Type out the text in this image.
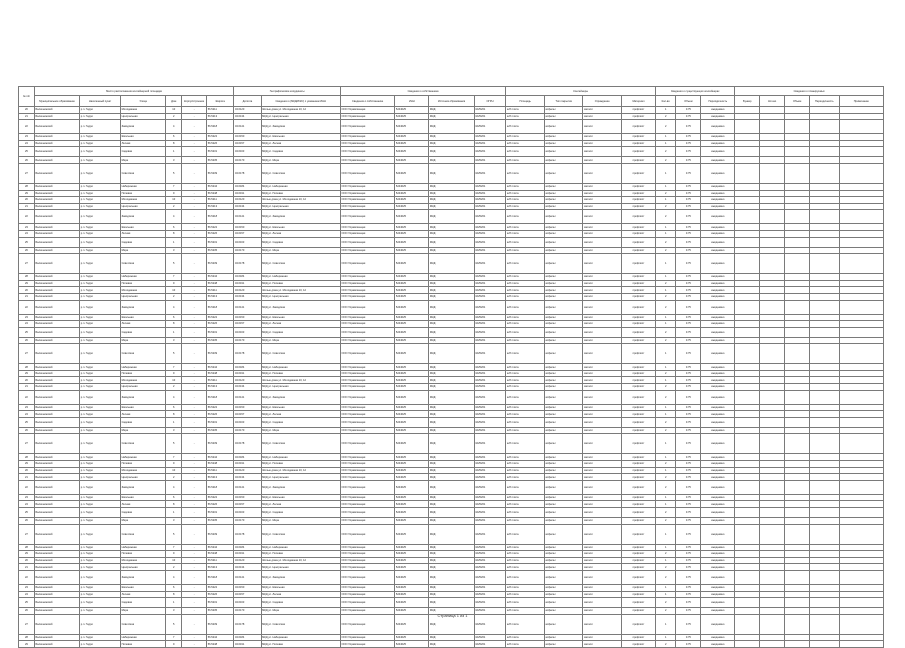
№ п/п	Место расположения контейнерной площадки						Географические координаты		Сведения о собственнике				Контейнеры				Сведения о существующих контейнерах			Сведения о планируемых				
	Муниципальное образование	Населенный пункт	Улица	Дом	Корпус/строение	Широта	Долгота	Сведения о (МКД/ИЖС) с указанием ИНН	Сведения о собственнике	ИНН	Источник образования	ОГРН	Площадь	Тип покрытия	Ограждение	Материал	Кол-во	Объем	Периодичность	Бункер	Кол-во	Объем	Периодичность	Примечание
20	Балахнинский	р.п. Гидро	Молодежная	10	-	56.5211	43.6120	Жилые дома ул. Молодежная 10, 12	ООО Управляющая	5244025	МКД	1025201	ж/б плита	асфальт	металл	профлист	1	0.75	ежедневно					
21	Балахнинский	р.п. Гидро	Центральная	2	-	56.5213	43.6134	МКД ул. Центральная	ООО Управляющая	5244025	МКД	1025201	ж/б плита	асфальт	металл	профлист	2	0.75	ежедневно					
22	Балахнинский	р.п. Гидро	Заводская	4	-	56.5218	43.6141	МКД ул. Заводская	ООО Управляющая	5244025	МКД	1025201	ж/б плита	асфальт	металл	профлист	2	0.75	ежедневно					
23	Балахнинский	р.п. Гидро	Школьная	6	-	56.5222	43.6150	МКД ул. Школьная	ООО Управляющая	5244025	МКД	1025201	ж/б плита	асфальт	металл	профлист	1	0.75	ежедневно					
24	Балахнинский	р.п. Гидро	Лесная	8	-	56.5226	43.6157	МКД ул. Лесная	ООО Управляющая	5244025	МКД	1025201	ж/б плита	асфальт	металл	профлист	1	0.75	ежедневно					
25	Балахнинский	р.п. Гидро	Садовая	1	-	56.5231	43.6163	МКД ул. Садовая	ООО Управляющая	5244025	МКД	1025201	ж/б плита	асфальт	металл	профлист	2	0.75	ежедневно					
26	Балахнинский	р.п. Гидро	Мира	3	-	56.5235	43.6170	МКД ул. Мира	ООО Управляющая	5244025	МКД	1025201	ж/б плита	асфальт	металл	профлист	2	0.75	ежедневно					
27	Балахнинский	р.п. Гидро	Советская	5	-	56.5239	43.6178	МКД ул. Советская	ООО Управляющая	5244025	МКД	1025201	ж/б плита	асфальт	металл	профлист	1	0.75	ежедневно					
28	Балахнинский	р.п. Гидро	Набережная	7	-	56.5244	43.6184	МКД ул. Набережная	ООО Управляющая	5244025	МКД	1025201	ж/б плита	асфальт	металл	профлист	1	0.75	ежедневно					
29	Балахнинский	р.п. Гидро	Полевая	9	-	56.5248	43.6191	МКД ул. Полевая	ООО Управляющая	5244025	МКД	1025201	ж/б плита	асфальт	металл	профлист	2	0.75	ежедневно					
20	Балахнинский	р.п. Гидро	Молодежная	10	-	56.5211	43.6120	Жилые дома ул. Молодежная 10, 12	ООО Управляющая	5244025	МКД	1025201	ж/б плита	асфальт	металл	профлист	1	0.75	ежедневно					
21	Балахнинский	р.п. Гидро	Центральная	2	-	56.5213	43.6134	МКД ул. Центральная	ООО Управляющая	5244025	МКД	1025201	ж/б плита	асфальт	металл	профлист	2	0.75	ежедневно					
22	Балахнинский	р.п. Гидро	Заводская	4	-	56.5218	43.6141	МКД ул. Заводская	ООО Управляющая	5244025	МКД	1025201	ж/б плита	асфальт	металл	профлист	2	0.75	ежедневно					
23	Балахнинский	р.п. Гидро	Школьная	6	-	56.5222	43.6150	МКД ул. Школьная	ООО Управляющая	5244025	МКД	1025201	ж/б плита	асфальт	металл	профлист	1	0.75	ежедневно					
24	Балахнинский	р.п. Гидро	Лесная	8	-	56.5226	43.6157	МКД ул. Лесная	ООО Управляющая	5244025	МКД	1025201	ж/б плита	асфальт	металл	профлист	1	0.75	ежедневно					
25	Балахнинский	р.п. Гидро	Садовая	1	-	56.5231	43.6163	МКД ул. Садовая	ООО Управляющая	5244025	МКД	1025201	ж/б плита	асфальт	металл	профлист	2	0.75	ежедневно					
26	Балахнинский	р.п. Гидро	Мира	3	-	56.5235	43.6170	МКД ул. Мира	ООО Управляющая	5244025	МКД	1025201	ж/б плита	асфальт	металл	профлист	2	0.75	ежедневно					
27	Балахнинский	р.п. Гидро	Советская	5	-	56.5239	43.6178	МКД ул. Советская	ООО Управляющая	5244025	МКД	1025201	ж/б плита	асфальт	металл	профлист	1	0.75	ежедневно					
28	Балахнинский	р.п. Гидро	Набережная	7	-	56.5244	43.6184	МКД ул. Набережная	ООО Управляющая	5244025	МКД	1025201	ж/б плита	асфальт	металл	профлист	1	0.75	ежедневно					
29	Балахнинский	р.п. Гидро	Полевая	9	-	56.5248	43.6191	МКД ул. Полевая	ООО Управляющая	5244025	МКД	1025201	ж/б плита	асфальт	металл	профлист	2	0.75	ежедневно					
20	Балахнинский	р.п. Гидро	Молодежная	10	-	56.5211	43.6120	Жилые дома ул. Молодежная 10, 12	ООО Управляющая	5244025	МКД	1025201	ж/б плита	асфальт	металл	профлист	1	0.75	ежедневно					
21	Балахнинский	р.п. Гидро	Центральная	2	-	56.5213	43.6134	МКД ул. Центральная	ООО Управляющая	5244025	МКД	1025201	ж/б плита	асфальт	металл	профлист	2	0.75	ежедневно					
22	Балахнинский	р.п. Гидро	Заводская	4	-	56.5218	43.6141	МКД ул. Заводская	ООО Управляющая	5244025	МКД	1025201	ж/б плита	асфальт	металл	профлист	2	0.75	ежедневно					
23	Балахнинский	р.п. Гидро	Школьная	6	-	56.5222	43.6150	МКД ул. Школьная	ООО Управляющая	5244025	МКД	1025201	ж/б плита	асфальт	металл	профлист	1	0.75	ежедневно					
24	Балахнинский	р.п. Гидро	Лесная	8	-	56.5226	43.6157	МКД ул. Лесная	ООО Управляющая	5244025	МКД	1025201	ж/б плита	асфальт	металл	профлист	1	0.75	ежедневно					
25	Балахнинский	р.п. Гидро	Садовая	1	-	56.5231	43.6163	МКД ул. Садовая	ООО Управляющая	5244025	МКД	1025201	ж/б плита	асфальт	металл	профлист	2	0.75	ежедневно					
26	Балахнинский	р.п. Гидро	Мира	3	-	56.5235	43.6170	МКД ул. Мира	ООО Управляющая	5244025	МКД	1025201	ж/б плита	асфальт	металл	профлист	2	0.75	ежедневно					
27	Балахнинский	р.п. Гидро	Советская	5	-	56.5239	43.6178	МКД ул. Советская	ООО Управляющая	5244025	МКД	1025201	ж/б плита	асфальт	металл	профлист	1	0.75	ежедневно					
28	Балахнинский	р.п. Гидро	Набережная	7	-	56.5244	43.6184	МКД ул. Набережная	ООО Управляющая	5244025	МКД	1025201	ж/б плита	асфальт	металл	профлист	1	0.75	ежедневно					
29	Балахнинский	р.п. Гидро	Полевая	9	-	56.5248	43.6191	МКД ул. Полевая	ООО Управляющая	5244025	МКД	1025201	ж/б плита	асфальт	металл	профлист	2	0.75	ежедневно					
20	Балахнинский	р.п. Гидро	Молодежная	10	-	56.5211	43.6120	Жилые дома ул. Молодежная 10, 12	ООО Управляющая	5244025	МКД	1025201	ж/б плита	асфальт	металл	профлист	1	0.75	ежедневно					
21	Балахнинский	р.п. Гидро	Центральная	2	-	56.5213	43.6134	МКД ул. Центральная	ООО Управляющая	5244025	МКД	1025201	ж/б плита	асфальт	металл	профлист	2	0.75	ежедневно					
22	Балахнинский	р.п. Гидро	Заводская	4	-	56.5218	43.6141	МКД ул. Заводская	ООО Управляющая	5244025	МКД	1025201	ж/б плита	асфальт	металл	профлист	2	0.75	ежедневно					
23	Балахнинский	р.п. Гидро	Школьная	6	-	56.5222	43.6150	МКД ул. Школьная	ООО Управляющая	5244025	МКД	1025201	ж/б плита	асфальт	металл	профлист	1	0.75	ежедневно					
24	Балахнинский	р.п. Гидро	Лесная	8	-	56.5226	43.6157	МКД ул. Лесная	ООО Управляющая	5244025	МКД	1025201	ж/б плита	асфальт	металл	профлист	1	0.75	ежедневно					
25	Балахнинский	р.п. Гидро	Садовая	1	-	56.5231	43.6163	МКД ул. Садовая	ООО Управляющая	5244025	МКД	1025201	ж/б плита	асфальт	металл	профлист	2	0.75	ежедневно					
26	Балахнинский	р.п. Гидро	Мира	3	-	56.5235	43.6170	МКД ул. Мира	ООО Управляющая	5244025	МКД	1025201	ж/б плита	асфальт	металл	профлист	2	0.75	ежедневно					
27	Балахнинский	р.п. Гидро	Советская	5	-	56.5239	43.6178	МКД ул. Советская	ООО Управляющая	5244025	МКД	1025201	ж/б плита	асфальт	металл	профлист	1	0.75	ежедневно					
28	Балахнинский	р.п. Гидро	Набережная	7	-	56.5244	43.6184	МКД ул. Набережная	ООО Управляющая	5244025	МКД	1025201	ж/б плита	асфальт	металл	профлист	1	0.75	ежедневно					
29	Балахнинский	р.п. Гидро	Полевая	9	-	56.5248	43.6191	МКД ул. Полевая	ООО Управляющая	5244025	МКД	1025201	ж/б плита	асфальт	металл	профлист	2	0.75	ежедневно					
20	Балахнинский	р.п. Гидро	Молодежная	10	-	56.5211	43.6120	Жилые дома ул. Молодежная 10, 12	ООО Управляющая	5244025	МКД	1025201	ж/б плита	асфальт	металл	профлист	1	0.75	ежедневно					
21	Балахнинский	р.п. Гидро	Центральная	2	-	56.5213	43.6134	МКД ул. Центральная	ООО Управляющая	5244025	МКД	1025201	ж/б плита	асфальт	металл	профлист	2	0.75	ежедневно					
22	Балахнинский	р.п. Гидро	Заводская	4	-	56.5218	43.6141	МКД ул. Заводская	ООО Управляющая	5244025	МКД	1025201	ж/б плита	асфальт	металл	профлист	2	0.75	ежедневно					
23	Балахнинский	р.п. Гидро	Школьная	6	-	56.5222	43.6150	МКД ул. Школьная	ООО Управляющая	5244025	МКД	1025201	ж/б плита	асфальт	металл	профлист	1	0.75	ежедневно					
24	Балахнинский	р.п. Гидро	Лесная	8	-	56.5226	43.6157	МКД ул. Лесная	ООО Управляющая	5244025	МКД	1025201	ж/б плита	асфальт	металл	профлист	1	0.75	ежедневно					
25	Балахнинский	р.п. Гидро	Садовая	1	-	56.5231	43.6163	МКД ул. Садовая	ООО Управляющая	5244025	МКД	1025201	ж/б плита	асфальт	металл	профлист	2	0.75	ежедневно					
26	Балахнинский	р.п. Гидро	Мира	3	-	56.5235	43.6170	МКД ул. Мира	ООО Управляющая	5244025	МКД	1025201	ж/б плита	асфальт	металл	профлист	2	0.75	ежедневно					
27	Балахнинский	р.п. Гидро	Советская	5	-	56.5239	43.6178	МКД ул. Советская	ООО Управляющая	5244025	МКД	1025201	ж/б плита	асфальт	металл	профлист	1	0.75	ежедневно					
28	Балахнинский	р.п. Гидро	Набережная	7	-	56.5244	43.6184	МКД ул. Набережная	ООО Управляющая	5244025	МКД	1025201	ж/б плита	асфальт	металл	профлист	1	0.75	ежедневно					
29	Балахнинский	р.п. Гидро	Полевая	9	-	56.5248	43.6191	МКД ул. Полевая	ООО Управляющая	5244025	МКД	1025201	ж/б плита	асфальт	металл	профлист	2	0.75	ежедневно					
20	Балахнинский	р.п. Гидро	Молодежная	10	-	56.5211	43.6120	Жилые дома ул. Молодежная 10, 12	ООО Управляющая	5244025	МКД	1025201	ж/б плита	асфальт	металл	профлист	1	0.75	ежедневно					
21	Балахнинский	р.п. Гидро	Центральная	2	-	56.5213	43.6134	МКД ул. Центральная	ООО Управляющая	5244025	МКД	1025201	ж/б плита	асфальт	металл	профлист	2	0.75	ежедневно					
22	Балахнинский	р.п. Гидро	Заводская	4	-	56.5218	43.6141	МКД ул. Заводская	ООО Управляющая	5244025	МКД	1025201	ж/б плита	асфальт	металл	профлист	2	0.75	ежедневно					
23	Балахнинский	р.п. Гидро	Школьная	6	-	56.5222	43.6150	МКД ул. Школьная	ООО Управляющая	5244025	МКД	1025201	ж/б плита	асфальт	металл	профлист	1	0.75	ежедневно					
24	Балахнинский	р.п. Гидро	Лесная	8	-	56.5226	43.6157	МКД ул. Лесная	ООО Управляющая	5244025	МКД	1025201	ж/б плита	асфальт	металл	профлист	1	0.75	ежедневно					
25	Балахнинский	р.п. Гидро	Садовая	1	-	56.5231	43.6163	МКД ул. Садовая	ООО Управляющая	5244025	МКД	1025201	ж/б плита	асфальт	металл	профлист	2	0.75	ежедневно					
26	Балахнинский	р.п. Гидро	Мира	3	-	56.5235	43.6170	МКД ул. Мира	ООО Управляющая	5244025	МКД	1025201	ж/б плита	асфальт	металл	профлист	2	0.75	ежедневно					
27	Балахнинский	р.п. Гидро	Советская	5	-	56.5239	43.6178	МКД ул. Советская	ООО Управляющая	5244025	МКД	1025201	ж/б плита	асфальт	металл	профлист	1	0.75	ежедневно					
28	Балахнинский	р.п. Гидро	Набережная	7	-	56.5244	43.6184	МКД ул. Набережная	ООО Управляющая	5244025	МКД	1025201	ж/б плита	асфальт	металл	профлист	1	0.75	ежедневно					
29	Балахнинский	р.п. Гидро	Полевая	9	-	56.5248	43.6191	МКД ул. Полевая	ООО Управляющая	5244025	МКД	1025201	ж/б плита	асфальт	металл	профлист	2	0.75	ежедневно					
Страница 1 из 1
